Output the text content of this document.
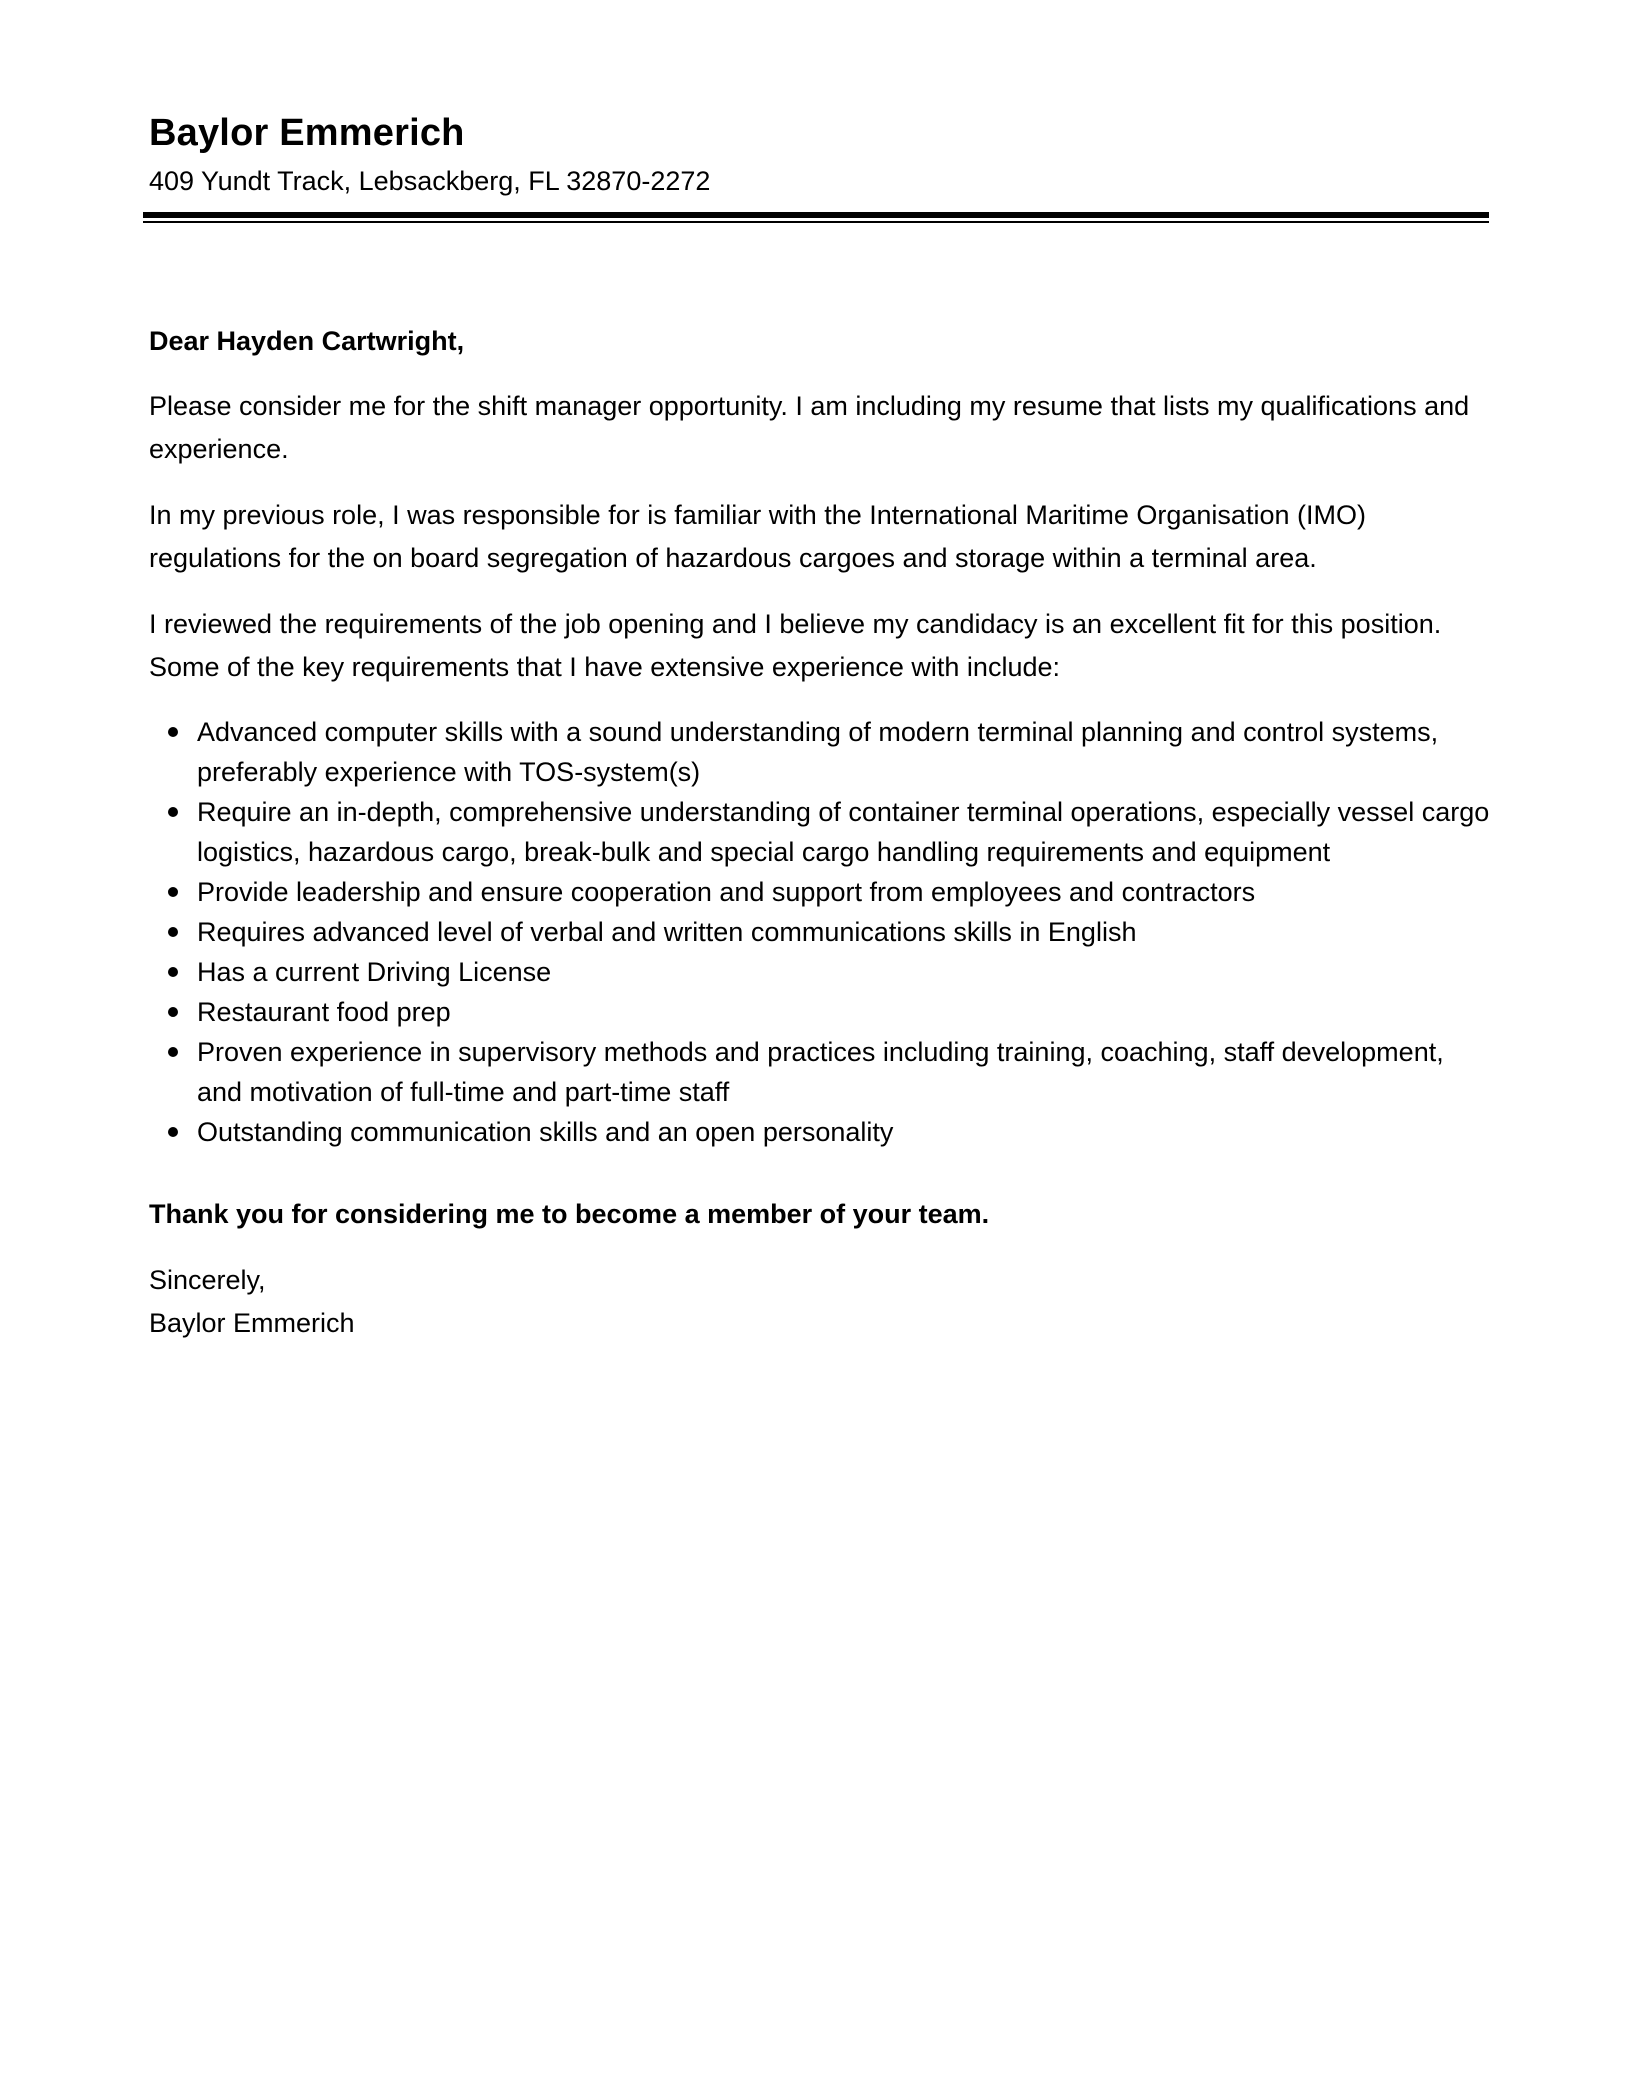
Baylor Emmerich
409 Yundt Track, Lebsackberg, FL 32870-2272
Dear Hayden Cartwright,

Please consider me for the shift manager opportunity. I am including my resume that lists my qualifications and experience.

In my previous role, I was responsible for is familiar with the International Maritime Organisation (IMO) regulations for the on board segregation of hazardous cargoes and storage within a terminal area.

I reviewed the requirements of the job opening and I believe my candidacy is an excellent fit for this position. Some of the key requirements that I have extensive experience with include:

Advanced computer skills with a sound understanding of modern terminal planning and control systems, preferably experience with TOS-system(s)
Require an in-depth, comprehensive understanding of container terminal operations, especially vessel cargo logistics, hazardous cargo, break-bulk and special cargo handling requirements and equipment
Provide leadership and ensure cooperation and support from employees and contractors
Requires advanced level of verbal and written communications skills in English
Has a current Driving License
Restaurant food prep
Proven experience in supervisory methods and practices including training, coaching, staff development, and motivation of full-time and part-time staff
Outstanding communication skills and an open personality

Thank you for considering me to become a member of your team.

Sincerely,

Baylor Emmerich
